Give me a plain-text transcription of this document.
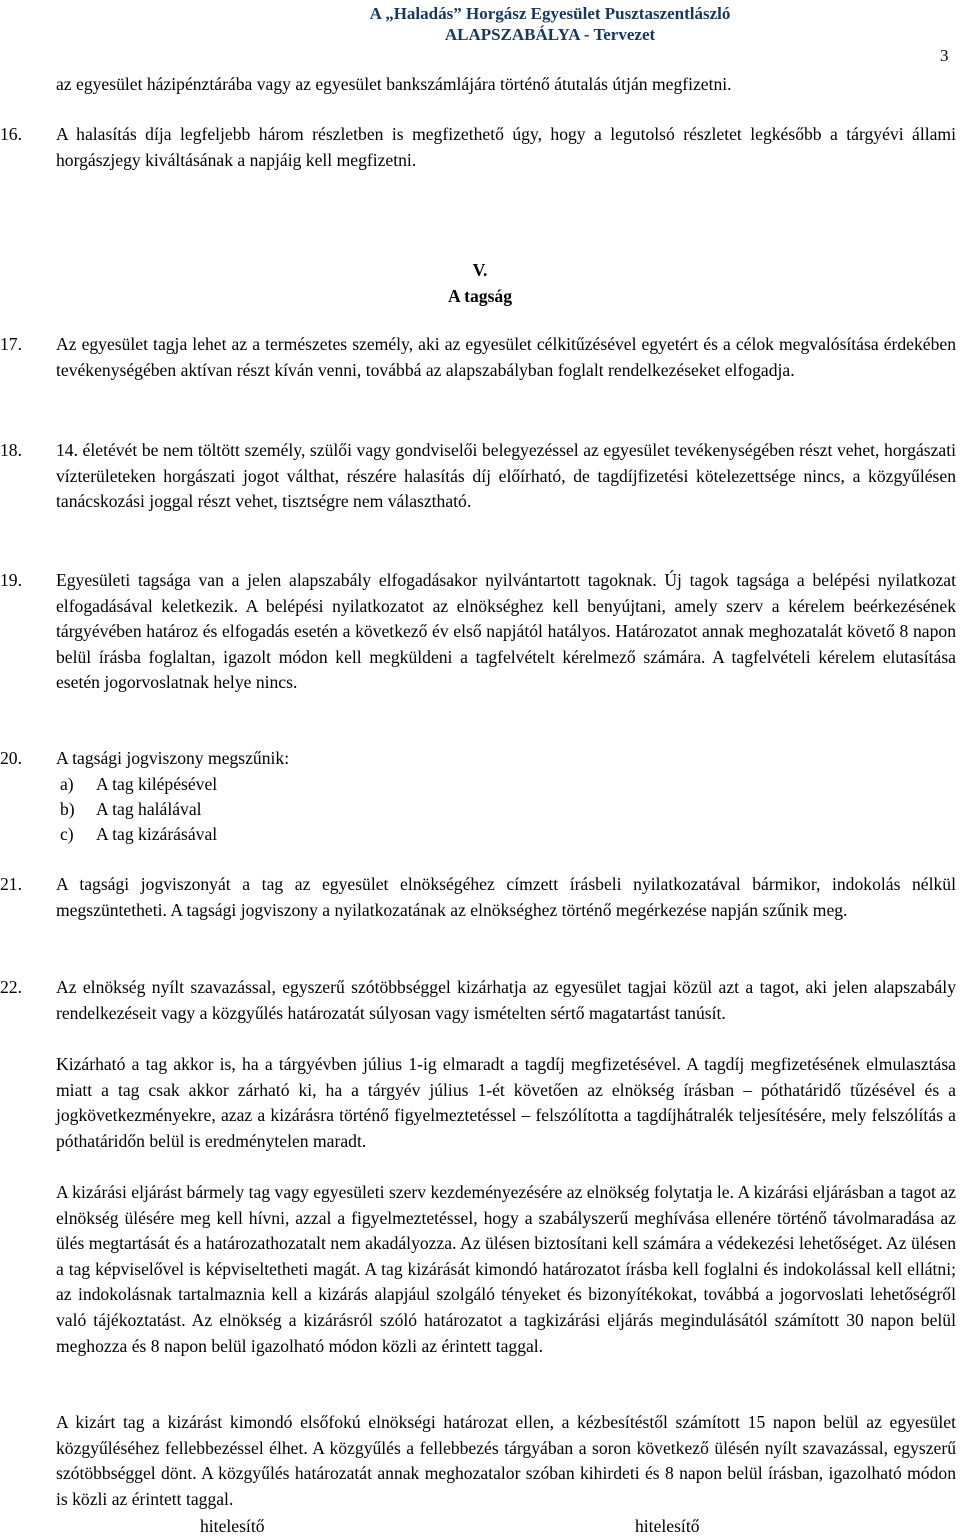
A „Haladás” Horgász Egyesület Pusztaszentlászló
ALAPSZABÁLYA - Tervezet
3
az egyesület házipénztárába vagy az egyesület bankszámlájára történő átutalás útján megfizetni.
16. A halasítás díja legfeljebb három részletben is megfizethető úgy, hogy a legutolsó részletet legkésőbb a tárgyévi állami horgászjegy kiváltásának a napjáig kell megfizetni.

V.
A tagság
17. Az egyesület tagja lehet az a természetes személy, aki az egyesület célkitűzésével egyetért és a célok megvalósítása érdekében tevékenységében aktívan részt kíván venni, továbbá az alapszabályban foglalt rendelkezéseket elfogadja.

18. 14. életévét be nem töltött személy, szülői vagy gondviselői belegyezéssel az egyesület tevékenységében részt vehet, horgászati vízterületeken horgászati jogot válthat, részére halasítás díj előírható, de tagdíjfizetési kötelezettsége nincs, a közgyűlésen tanácskozási joggal részt vehet, tisztségre nem választható.

19. Egyesületi tagsága van a jelen alapszabály elfogadásakor nyilvántartott tagoknak. Új tagok tagsága a belépési nyilatkozat elfogadásával keletkezik. A belépési nyilatkozatot az elnökséghez kell benyújtani, amely szerv a kérelem beérkezésének tárgyévében határoz és elfogadás esetén a következő év első napjától hatályos. Határozatot annak meghozatalát követő 8 napon belül írásba foglaltan, igazolt módon kell megküldeni a tagfelvételt kérelmező számára. A tagfelvételi kérelem elutasítása esetén jogorvoslatnak helye nincs.

20. A tagsági jogviszony megszűnik:

a) A tag kilépésével
b) A tag halálával
c) A tag kizárásával
21. A tagsági jogviszonyát a tag az egyesület elnökségéhez címzett írásbeli nyilatkozatával bármikor, indokolás nélkül megszüntetheti. A tagsági jogviszony a nyilatkozatának az elnökséghez történő megérkezése napján szűnik meg.

22. Az elnökség nyílt szavazással, egyszerű szótöbbséggel kizárhatja az egyesület tagjai közül azt a tagot, aki jelen alapszabály rendelkezéseit vagy a közgyűlés határozatát súlyosan vagy ismételten sértő magatartást tanúsít.

Kizárható a tag akkor is, ha a tárgyévben július 1-ig elmaradt a tagdíj megfizetésével. A tagdíj megfizetésének elmulasztása miatt a tag csak akkor zárható ki, ha a tárgyév július 1-ét követően az elnökség írásban – póthatáridő tűzésével és a jogkövetkezményekre, azaz a kizárásra történő figyelmeztetéssel – felszólította a tagdíjhátralék teljesítésére, mely felszólítás a póthatáridőn belül is eredménytelen maradt.

A kizárási eljárást bármely tag vagy egyesületi szerv kezdeményezésére az elnökség folytatja le. A kizárási eljárásban a tagot az elnökség ülésére meg kell hívni, azzal a figyelmeztetéssel, hogy a szabályszerű meghívása ellenére történő távolmaradása az ülés megtartását és a határozathozatalt nem akadályozza. Az ülésen biztosítani kell számára a védekezési lehetőséget. Az ülésen a tag képviselővel is képviseltetheti magát. A tag kizárását kimondó határozatot írásba kell foglalni és indokolással kell ellátni; az indokolásnak tartalmaznia kell a kizárás alapjául szolgáló tényeket és bizonyítékokat, továbbá a jogorvoslati lehetőségről való tájékoztatást. Az elnökség a kizárásról szóló határozatot a tagkizárási eljárás megindulásától számított 30 napon belül meghozza és 8 napon belül igazolható módon közli az érintett taggal.

A kizárt tag a kizárást kimondó elsőfokú elnökségi határozat ellen, a kézbesítéstől számított 15 napon belül az egyesület közgyűléséhez fellebbezéssel élhet. A közgyűlés a fellebbezés tárgyában a soron következő ülésén nyílt szavazással, egyszerű szótöbbséggel dönt. A közgyűlés határozatát annak meghozatalor szóban kihirdeti és 8 napon belül írásban, igazolható módon is közli az érintett taggal.

hitelesítő	hitelesítő
